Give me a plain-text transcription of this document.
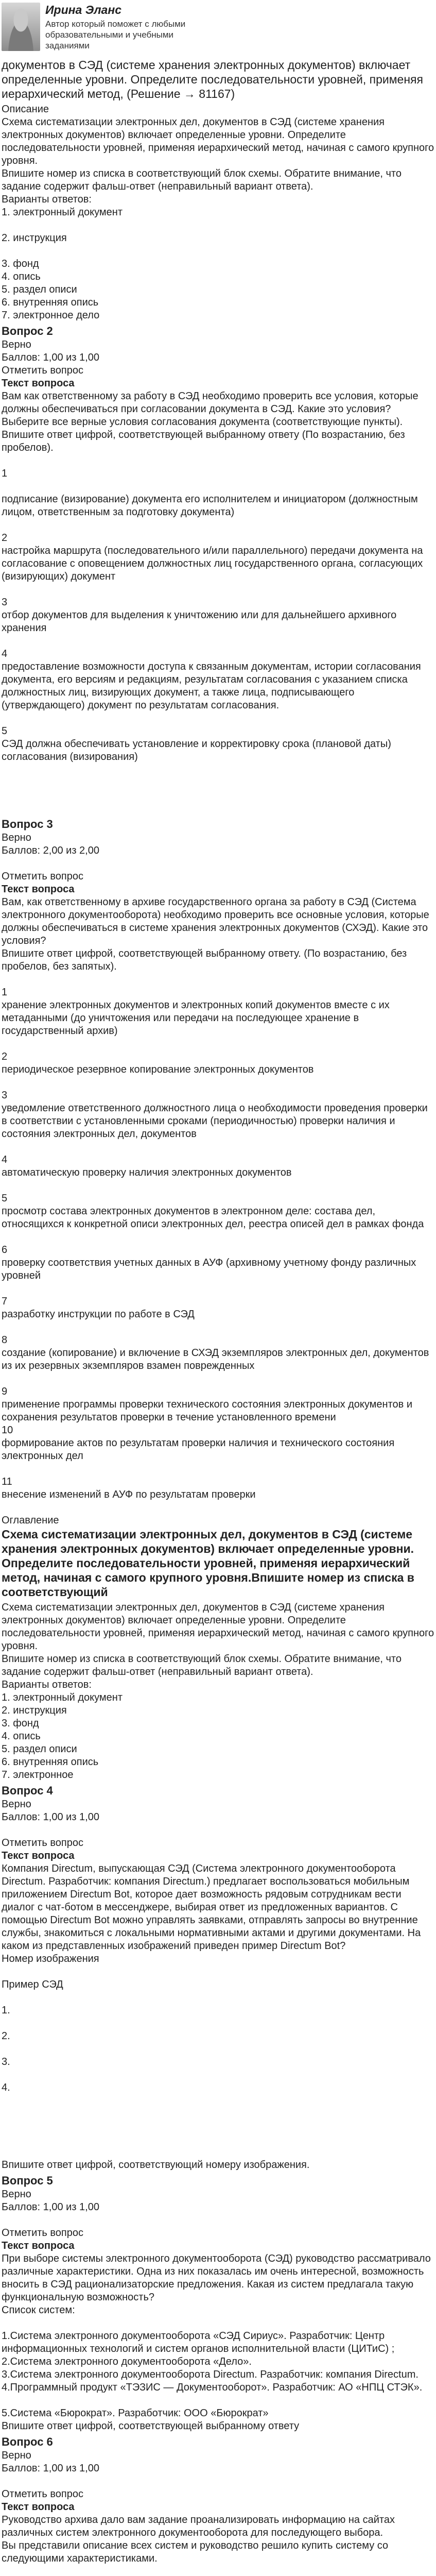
Ирина Эланс
Автор который поможет с любыми образовательными и учебными заданиями

документов в СЭД (системе хранения электронных документов) включает определенные уровни. Определите последовательности уровней, применяя иерархический метод, (Решение → 81167)

Описание

Схема систематизации электронных дел, документов в СЭД (системе хранения электронных документов) включает определенные уровни. Определите последовательности уровней, применяя иерархический метод, начиная с самого крупного уровня.

Впишите номер из списка в соответствующий блок схемы. Обратите внимание, что задание содержит фальш-ответ (неправильный вариант ответа).

Варианты ответов:

1. электронный документ

2. инструкция

3. фонд

4. опись

5. раздел описи

6. внутренняя опись

7. электронное дело

Вопрос 2

Верно

Баллов: 1,00 из 1,00

Отметить вопрос

Текст вопроса

Вам как ответственному за работу в СЭД необходимо проверить все условия, которые должны обеспечиваться при согласовании документа в СЭД. Какие это условия? Выберите все верные условия согласования документа (соответствующие пункты). Впишите ответ цифрой, соответствующей выбранному ответу (По возрастанию, без пробелов).

1

подписание (визирование) документа его исполнителем и инициатором (должностным лицом, ответственным за подготовку документа)

2

настройка маршрута (последовательного и/или параллельного) передачи документа на согласование с оповещением должностных лиц государственного органа, согласующих (визирующих) документ

3

отбор документов для выделения к уничтожению или для дальнейшего архивного хранения

4

предоставление возможности доступа к связанным документам, истории согласования документа, его версиям и редакциям, результатам согласования с указанием списка должностных лиц, визирующих документ, а также лица, подписывающего (утверждающего) документ по результатам согласования.

5

СЭД должна обеспечивать установление и корректировку срока (плановой даты) согласования (визирования)

Вопрос 3

Верно

Баллов: 2,00 из 2,00

Отметить вопрос

Текст вопроса

Вам, как ответственному в архиве государственного органа за работу в СЭД (Система электронного документооборота) необходимо проверить все основные условия, которые должны обеспечиваться в системе хранения электронных документов (СХЭД). Какие это условия?

Впишите ответ цифрой, соответствующей выбранному ответу. (По возрастанию, без пробелов, без запятых).

1

хранение электронных документов и электронных копий документов вместе с их метаданными (до уничтожения или передачи на последующее хранение в государственный архив)

2

периодическое резервное копирование электронных документов

3

уведомление ответственного должностного лица о необходимости проведения проверки в соответствии с установленными сроками (периодичностью) проверки наличия и состояния электронных дел, документов

4

автоматическую проверку наличия электронных документов

5

просмотр состава электронных документов в электронном деле: состава дел, относящихся к конкретной описи электронных дел, реестра описей дел в рамках фонда

6

проверку соответствия учетных данных в АУФ (архивному учетному фонду различных уровней

7

разработку инструкции по работе в СЭД

8

создание (копирование) и включение в СХЭД экземпляров электронных дел, документов из их резервных экземпляров взамен поврежденных

9

применение программы проверки технического состояния электронных документов и сохранения результатов проверки в течение установленного времени

10

формирование актов по результатам проверки наличия и технического состояния электронных дел

11

внесение изменений в АУФ по результатам проверки

Оглавление

Схема систематизации электронных дел, документов в СЭД (системе хранения электронных документов) включает определенные уровни. Определите последовательности уровней, применяя иерархический метод, начиная с самого крупного уровня.Впишите номер из списка в соответствующий

Схема систематизации электронных дел, документов в СЭД (системе хранения электронных документов) включает определенные уровни. Определите последовательности уровней, применяя иерархический метод, начиная с самого крупного уровня.

Впишите номер из списка в соответствующий блок схемы. Обратите внимание, что задание содержит фальш-ответ (неправильный вариант ответа).

Варианты ответов:

1. электронный документ

2. инструкция

3. фонд

4. опись

5. раздел описи

6. внутренняя опись

7. электронное

Вопрос 4

Верно

Баллов: 1,00 из 1,00

Отметить вопрос

Текст вопроса

Компания Directum, выпускающая СЭД (Система электронного документооборота Directum. Разработчик: компания Directum.) предлагает воспользоваться мобильным приложением Directum Bot, которое дает возможность рядовым сотрудникам вести диалог с чат-ботом в мессенджере, выбирая ответ из предложенных вариантов. С помощью Directum Bot можно управлять заявками, отправлять запросы во внутренние службы, знакомиться с локальными нормативными актами и другими документами. На каком из представленных изображений приведен пример Directum Bot?

Номер изображения

Пример СЭД

1.

2.

3.

4.

Впишите ответ цифрой, соответствующий номеру изображения.

Вопрос 5

Верно

Баллов: 1,00 из 1,00

Отметить вопрос

Текст вопроса

При выборе системы электронного документооборота (СЭД) руководство рассматривало различные характеристики. Одна из них показалась им очень интересной, возможность вносить в СЭД рационализаторские предложения. Какая из систем предлагала такую функциональную возможность?

Список систем:

1.Система электронного документооборота «СЭД Сириус». Разработчик: Центр информационных технологий и систем органов исполнительной власти (ЦИТиС) ;

2.Система электронного документооборота «Дело».

3.Система электронного документооборота Directum. Разработчик: компания Directum.

4.Программный продукт «ТЭЗИС — Документооборот». Разработчик: АО «НПЦ СТЭК».

5.Система «Бюрократ». Разработчик: ООО «Бюрократ»

Впишите ответ цифрой, соответствующей выбранному ответу

Вопрос 6

Верно

Баллов: 1,00 из 1,00

Отметить вопрос

Текст вопроса

Руководство архива дало вам задание проанализировать информацию на сайтах различных систем электронного документооборота для последующего выбора.

Вы представили описание всех систем и руководство решило купить систему со следующими характеристиками.
